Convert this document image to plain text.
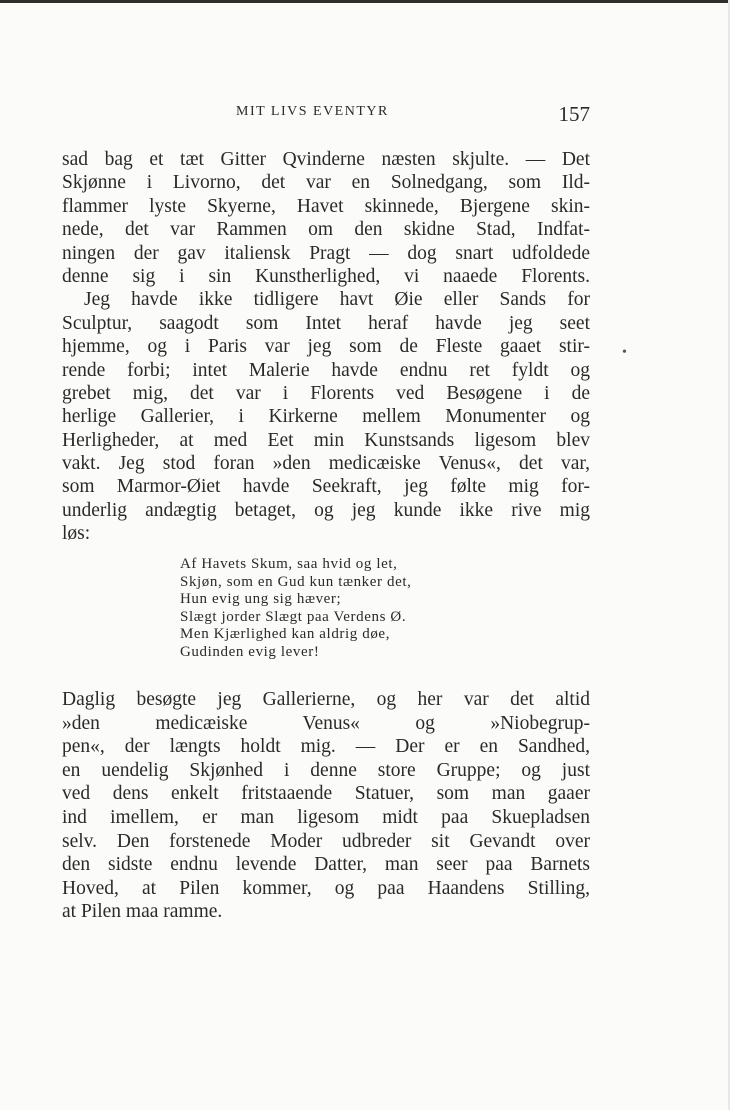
MIT LIVS EVENTYR	157
sad bag et tæt Gitter Qvinderne næsten skjulte. — Det
Skjønne i Livorno, det var en Solnedgang, som Ild-
flammer lyste Skyerne, Havet skinnede, Bjergene skin-
nede, det var Rammen om den skidne Stad, Indfat-
ningen der gav italiensk Pragt — dog snart udfoldede
denne sig i sin Kunstherlighed, vi naaede Florents.
Jeg havde ikke tidligere havt Øie eller Sands for
Sculptur, saagodt som Intet heraf havde jeg seet
hjemme, og i Paris var jeg som de Fleste gaaet stir-
rende forbi; intet Malerie havde endnu ret fyldt og
grebet mig, det var i Florents ved Besøgene i de
herlige Gallerier, i Kirkerne mellem Monumenter og
Herligheder, at med Eet min Kunstsands ligesom blev
vakt. Jeg stod foran »den medicæiske Venus«, det var,
som Marmor-Øiet havde Seekraft, jeg følte mig for-
underlig andægtig betaget, og jeg kunde ikke rive mig
løs:
•
Af Havets Skum, saa hvid og let,
Skjøn, som en Gud kun tænker det,
Hun evig ung sig hæver;
Slægt jorder Slægt paa Verdens Ø.
Men Kjærlighed kan aldrig døe,
Gudinden evig lever!
Daglig besøgte jeg Gallerierne, og her var det altid
»den medicæiske Venus« og »Niobegrup-
pen«, der længts holdt mig. — Der er en Sandhed,
en uendelig Skjønhed i denne store Gruppe; og just
ved dens enkelt fritstaaende Statuer, som man gaaer
ind imellem, er man ligesom midt paa Skuepladsen
selv. Den forstenede Moder udbreder sit Gevandt over
den sidste endnu levende Datter, man seer paa Barnets
Hoved, at Pilen kommer, og paa Haandens Stilling,
at Pilen maa ramme.
